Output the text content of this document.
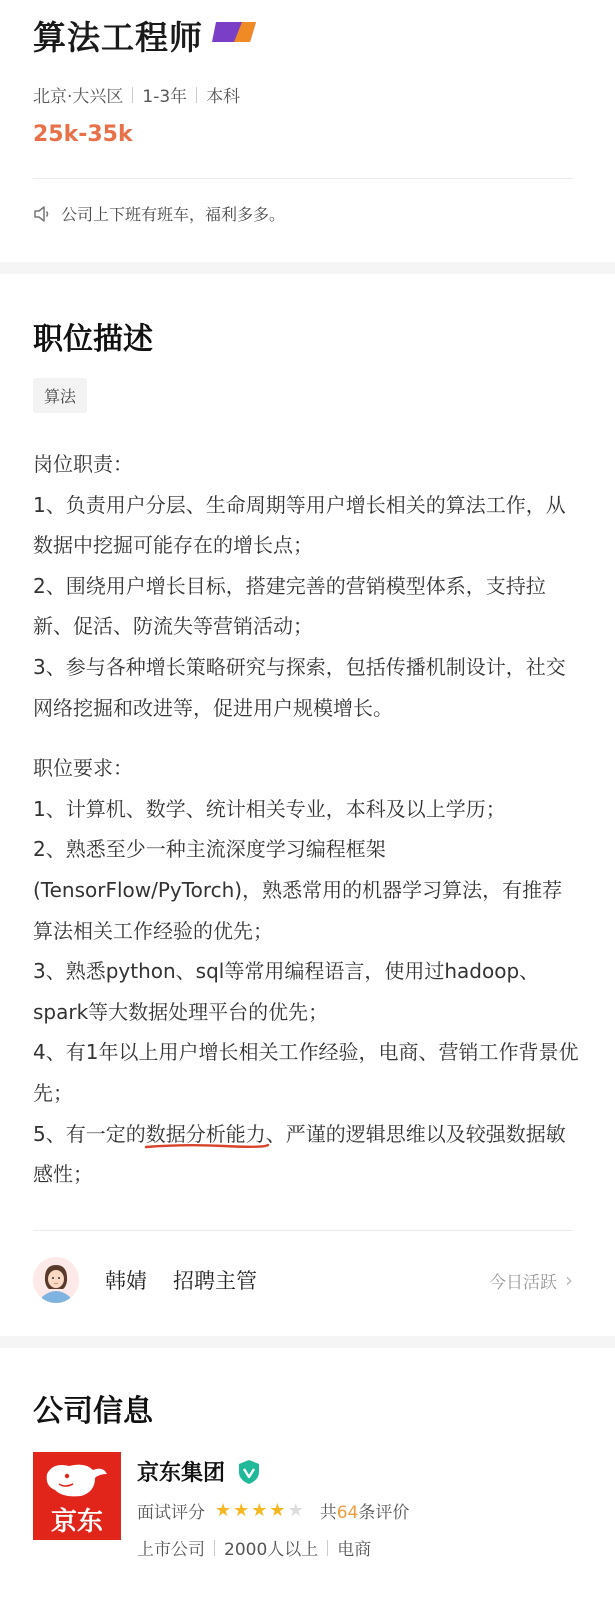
算法工程师
北京·大兴区 1-3年 本科
25k-35k
公司上下班有班车，福利多多。
职位描述
算法

岗位职责：

1、负责用户分层、生命周期等用户增长相关的算法工作，从数据中挖掘可能存在的增长点；

2、围绕用户增长目标，搭建完善的营销模型体系，支持拉新、促活、防流失等营销活动；

3、参与各种增长策略研究与探索，包括传播机制设计，社交网络挖掘和改进等，促进用户规模增长。

职位要求：

1、计算机、数学、统计相关专业，本科及以上学历；

2、熟悉至少一种主流深度学习编程框架(TensorFlow/PyTorch)，熟悉常用的机器学习算法，有推荐算法相关工作经验的优先；

3、熟悉python、sql等常用编程语言，使用过hadoop、spark等大数据处理平台的优先；

4、有1年以上用户增长相关工作经验，电商、营销工作背景优先；

5、有一定的数据分析能力
、严谨的逻辑思维以及较强数据敏感性；

韩婧 招聘主管	今日活跃 ›
公司信息
京东
京东集团
面试评分 ★ ★ ★ ★ ★ 共64条评价
上市公司 2000人以上 电商
